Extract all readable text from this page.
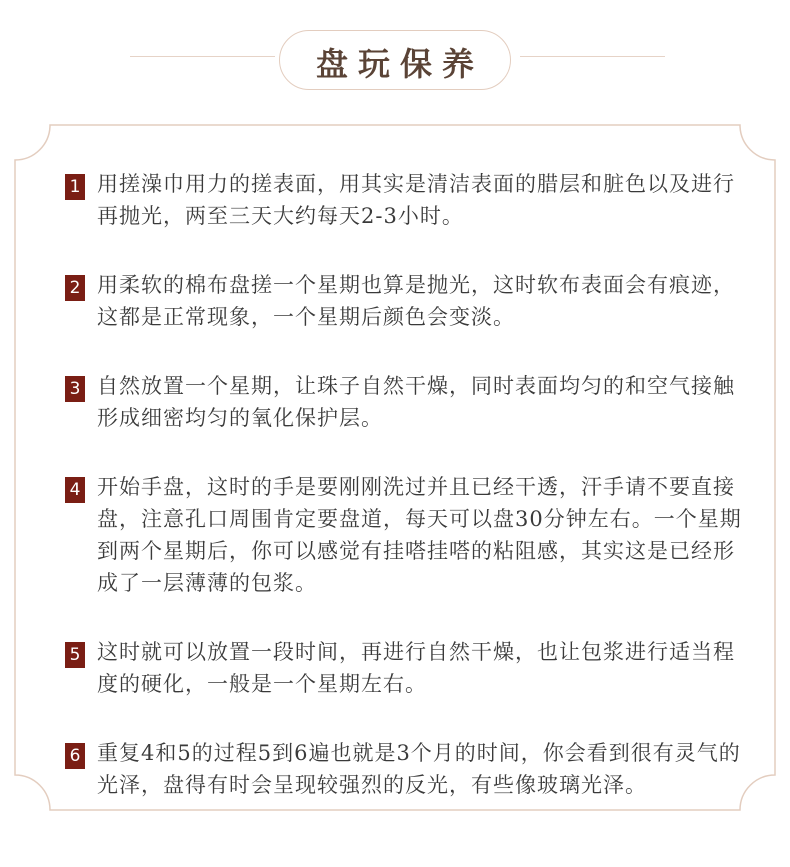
盘玩保养
1 用搓澡巾用力的搓表面，用其实是清洁表面的腊层和脏色以及进行再抛光，两至三天大约每天2-3小时。
2 用柔软的棉布盘搓一个星期也算是抛光，这时软布表面会有痕迹，这都是正常现象，一个星期后颜色会变淡。
3 自然放置一个星期，让珠子自然干燥，同时表面均匀的和空气接触形成细密均匀的氧化保护层。
4 开始手盘，这时的手是要刚刚洗过并且已经干透，汗手请不要直接盘，注意孔口周围肯定要盘道，每天可以盘30分钟左右。一个星期到两个星期后，你可以感觉有挂嗒挂嗒的粘阻感，其实这是已经形成了一层薄薄的包浆。
5 这时就可以放置一段时间，再进行自然干燥，也让包浆进行适当程度的硬化，一般是一个星期左右。
6 重复4和5的过程5到6遍也就是3个月的时间，你会看到很有灵气的光泽，盘得有时会呈现较强烈的反光，有些像玻璃光泽。
